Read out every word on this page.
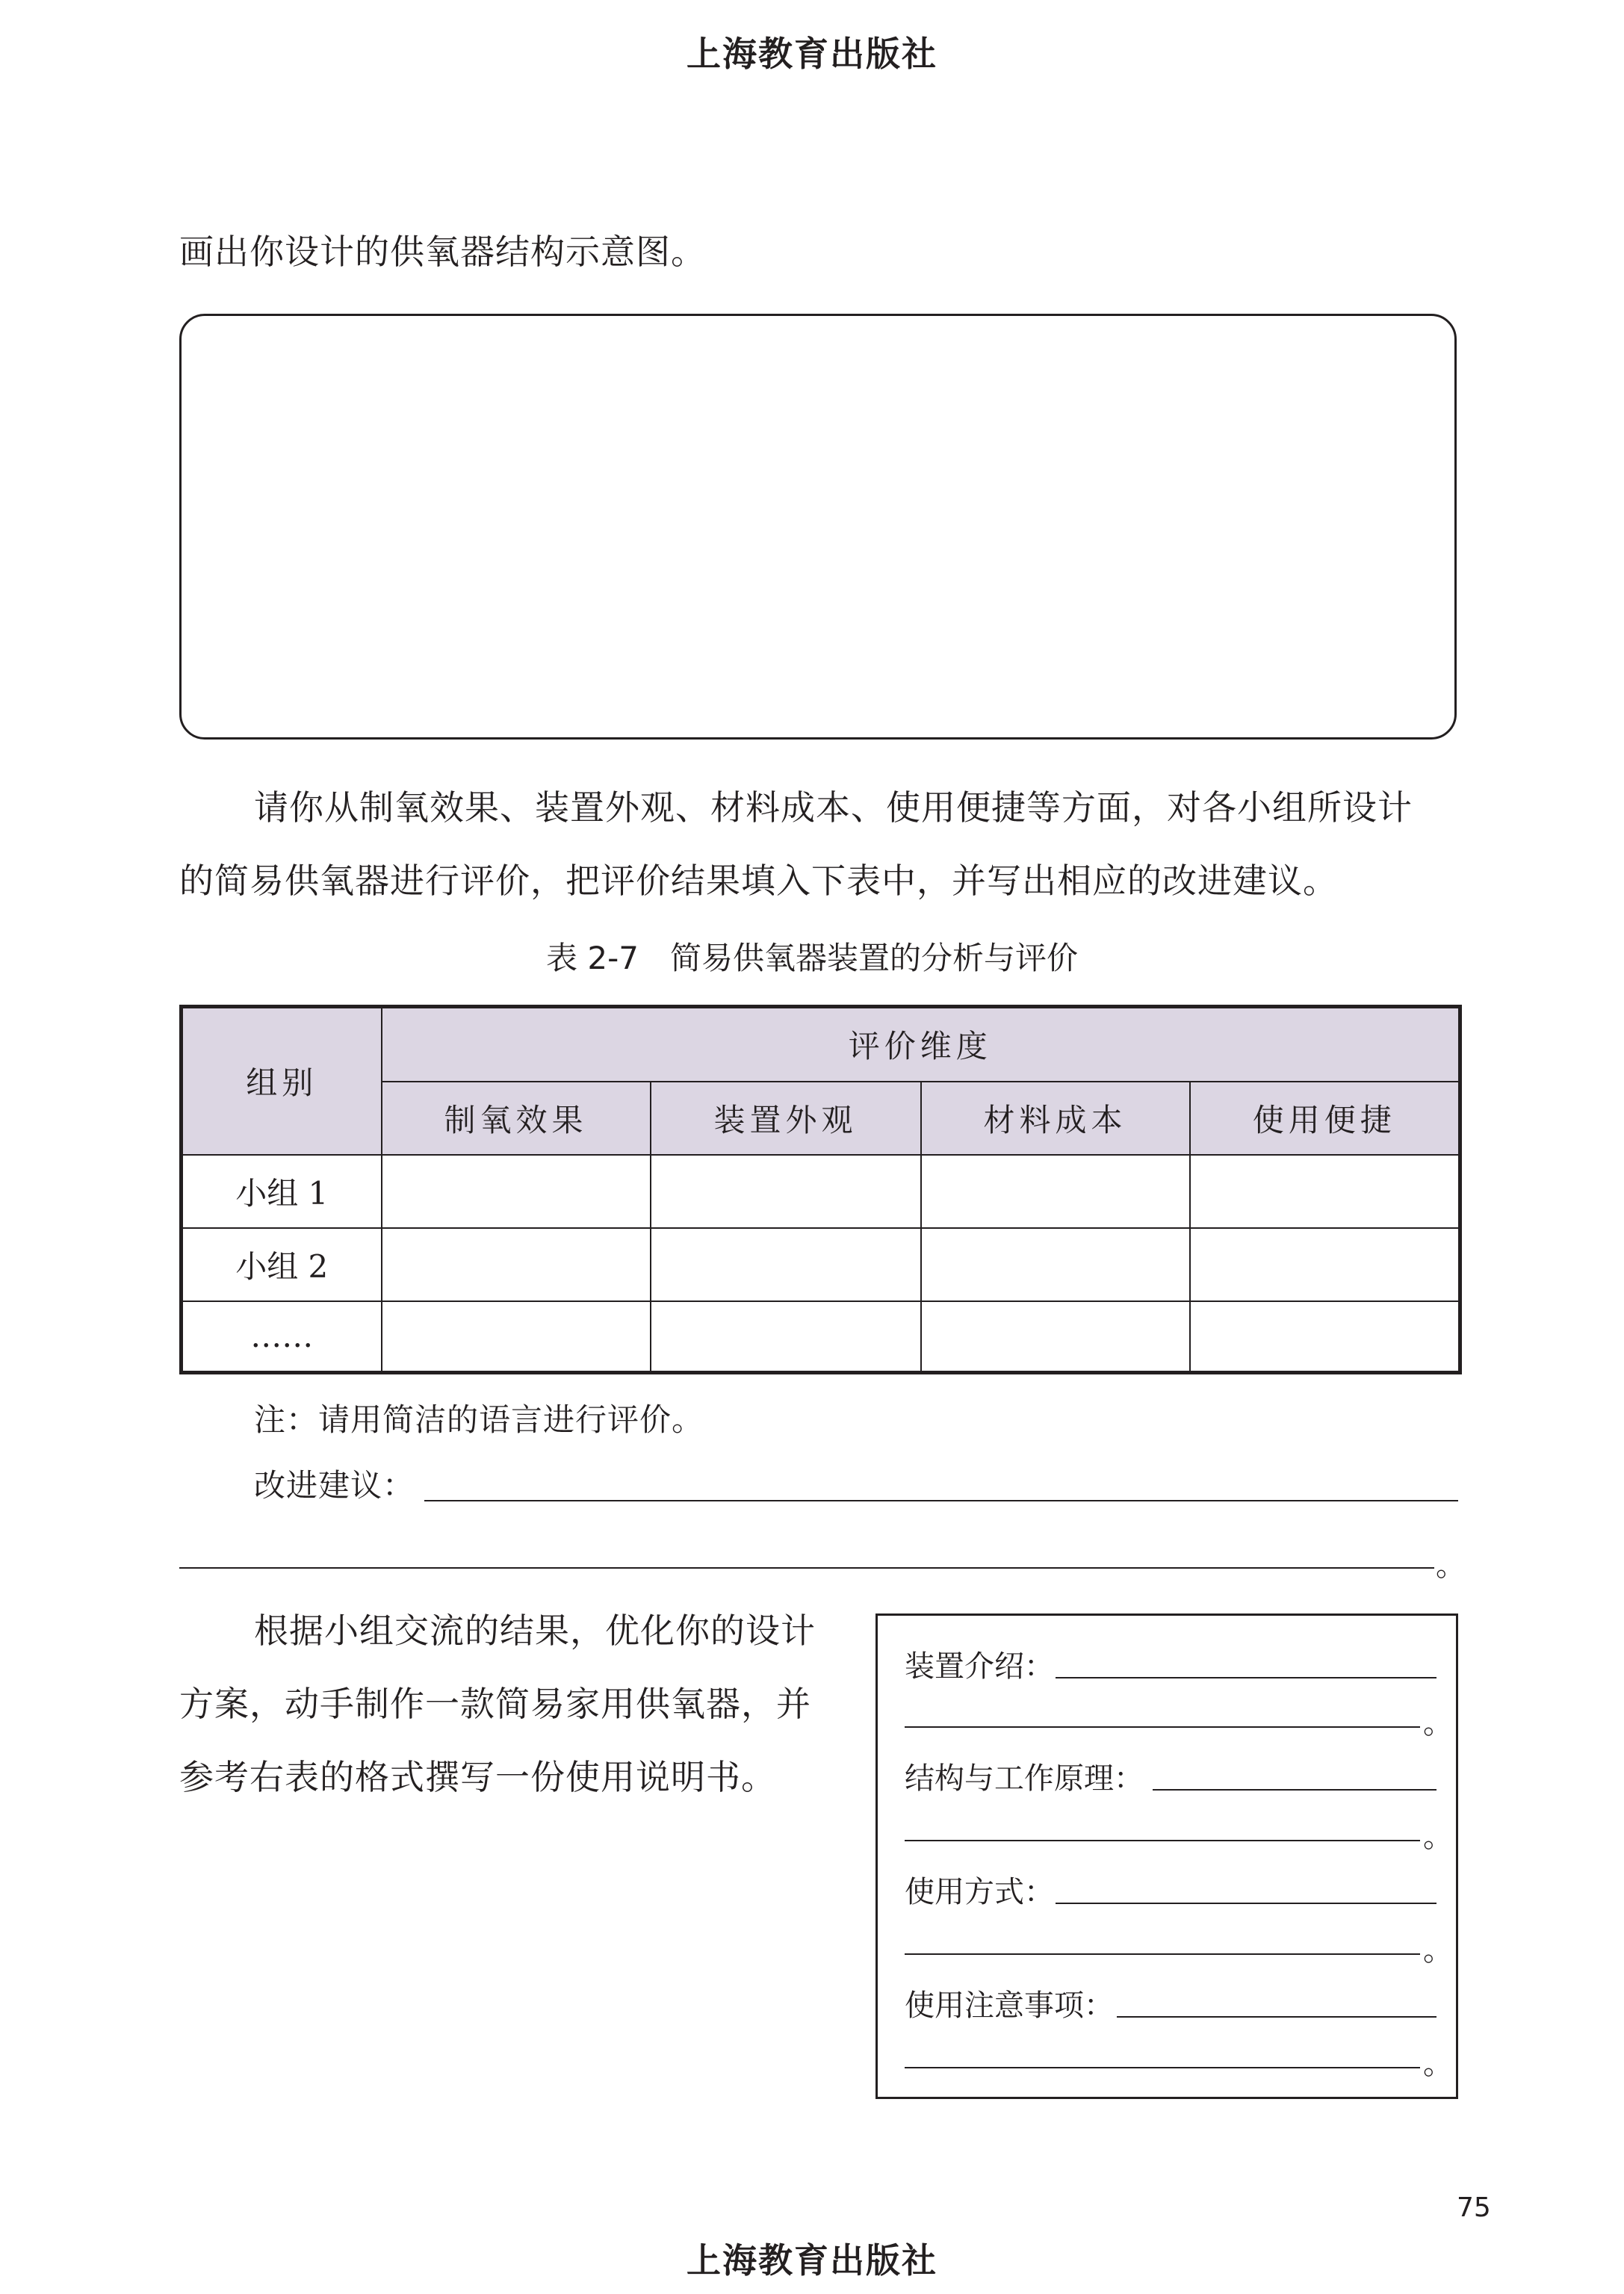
上海教育出版社
画出你设计的供氧器结构示意图。
请你从制氧效果、装置外观、材料成本、使用便捷等方面，对各小组所设计
的简易供氧器进行评价，把评价结果填入下表中，并写出相应的改进建议。
表 2-7　简易供氧器装置的分析与评价
组别	评价维度			
	制氧效果	装置外观	材料成本	使用便捷
小组 1				
小组 2				
……				
注：请用简洁的语言进行评价。
改进建议：
。
根据小组交流的结果，优化你的设计
方案，动手制作一款简易家用供氧器，并
参考右表的格式撰写一份使用说明书。
装置介绍：
。
结构与工作原理：
。
使用方式：
。
使用注意事项：
。
75
上海教育出版社
